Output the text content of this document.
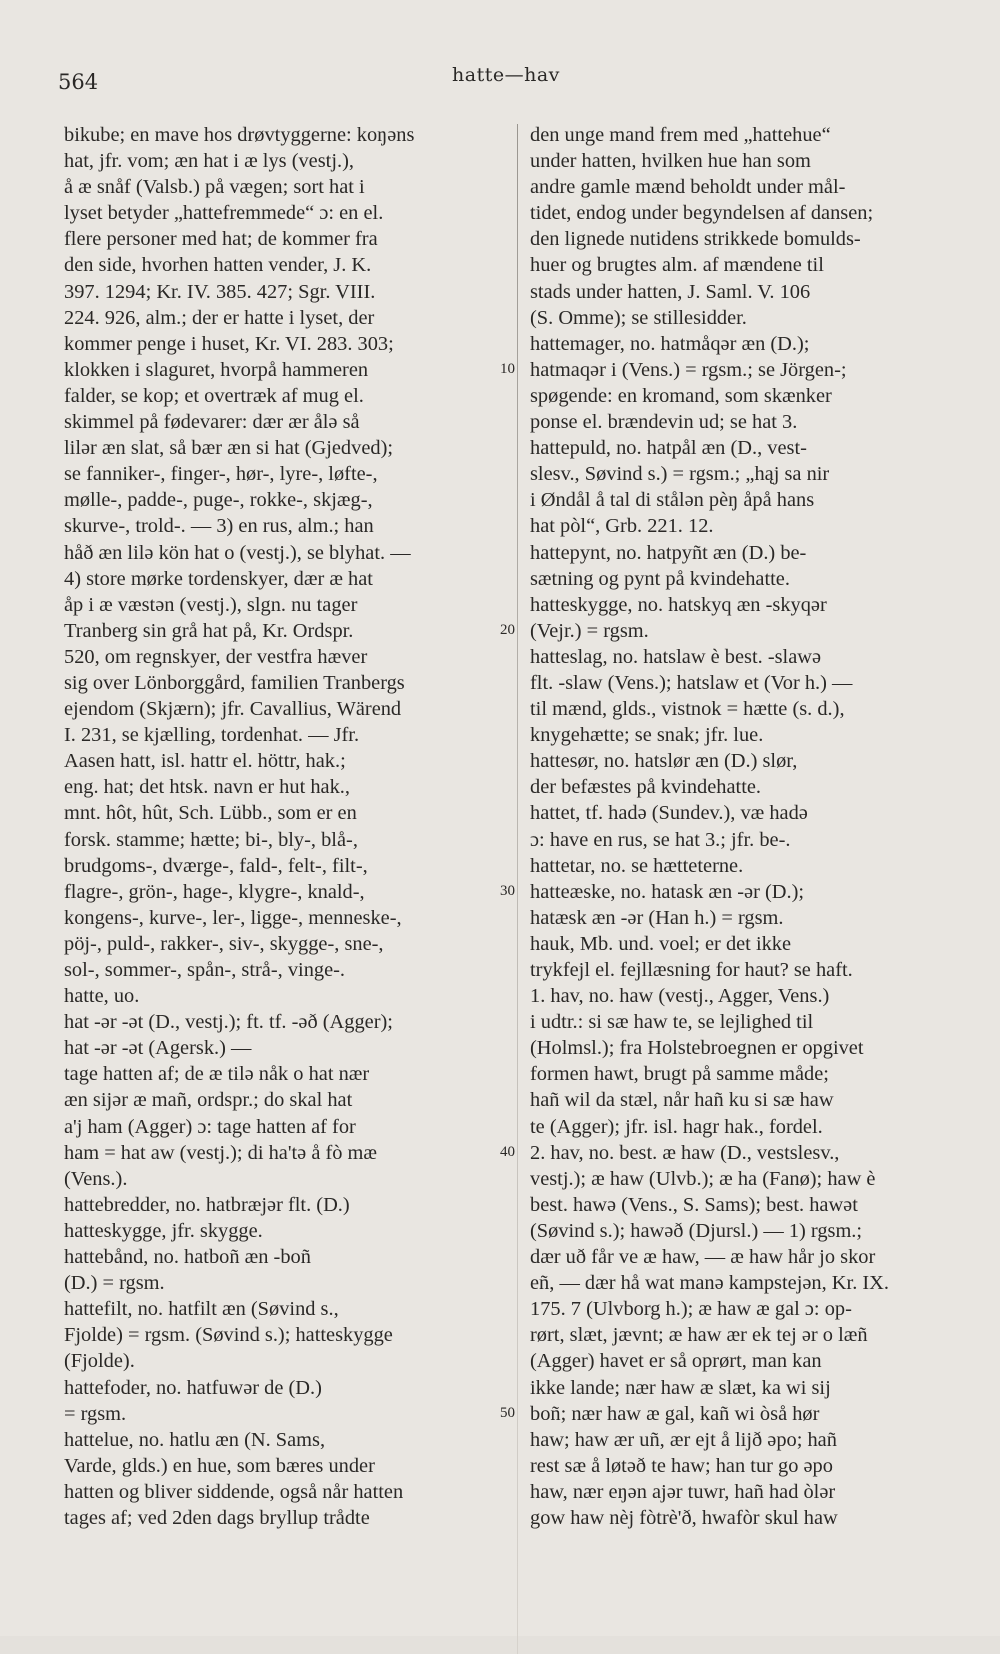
564	hatte—hav
bikube; en mave hos drøvtyggerne: koŋəns
hat, jfr. vom; æn hat i æ lys (vestj.),
å æ snåf (Valsb.) på vægen; sort hat i
lyset betyder „hattefremmede“ ɔ: en el.
flere personer med hat; de kommer fra
den side, hvorhen hatten vender, J. K.
397. 1294; Kr. IV. 385. 427; Sgr. VIII.
224. 926, alm.; der er hatte i lyset, der
kommer penge i huset, Kr. VI. 283. 303;
klokken i slaguret, hvorpå hammeren
falder, se kop; et overtræk af mug el.
skimmel på fødevarer: dær ær ålə så
lilər æn slat, så bær æn si hat (Gjedved);
se fanniker-, finger-, hør-, lyre-, løfte-,
mølle-, padde-, puge-, rokke-, skjæg-,
skurve-, trold-. — 3) en rus, alm.; han
håð æn lilə kön hat o (vestj.), se blyhat. —
4) store mørke tordenskyer, dær æ hat
åp i æ væstən (vestj.), slgn. nu tager
Tranberg sin grå hat på, Kr. Ordspr.
520, om regnskyer, der vestfra hæver
sig over Lönborggård, familien Tranbergs
ejendom (Skjærn); jfr. Cavallius, Wärend
I. 231, se kjælling, tordenhat. — Jfr.
Aasen hatt, isl. hattr el. höttr, hak.;
eng. hat; det htsk. navn er hut hak.,
mnt. hôt, hût, Sch. Lübb., som er en
forsk. stamme; hætte; bi-, bly-, blå-,
brudgoms-, dværge-, fald-, felt-, filt-,
flagre-, grön-, hage-, klygre-, knald-,
kongens-, kurve-, ler-, ligge-, menneske-,
pöj-, puld-, rakker-, siv-, skygge-, sne-,
sol-, sommer-, spån-, strå-, vinge-.
hatte, uo.
hat -ər -ət (D., vestj.); ft. tf. -əð (Agger);
hat -ər -ət (Agersk.) —
tage hatten af; de æ tilə nåk o hat nær
æn sijər æ mañ, ordspr.; do skal hat
a'j ham (Agger) ɔ: tage hatten af for
ham = hat aw (vestj.); di ha'tə å fò mæ
(Vens.).
hattebredder, no. hatbræjər flt. (D.)
hatteskygge, jfr. skygge.
hattebånd, no. hatboñ æn -boñ
(D.) = rgsm.
hattefilt, no. hatfilt æn (Søvind s.,
Fjolde) = rgsm. (Søvind s.); hatteskygge
(Fjolde).
hattefoder, no. hatfuwər de (D.)
= rgsm.
hattelue, no. hatlu æn (N. Sams,
Varde, glds.) en hue, som bæres under
hatten og bliver siddende, også når hatten
tages af; ved 2den dags bryllup trådte
den unge mand frem med „hattehue“
under hatten, hvilken hue han som
andre gamle mænd beholdt under mål-
tidet, endog under begyndelsen af dansen;
den lignede nutidens strikkede bomulds-
huer og brugtes alm. af mændene til
stads under hatten, J. Saml. V. 106
(S. Omme); se stillesidder.
hattemager, no. hatmåqər æn (D.);
hatmaqər i (Vens.) = rgsm.; se Jörgen-;
spøgende: en kromand, som skænker
ponse el. brændevin ud; se hat 3.
hattepuld, no. hatpål æn (D., vest-
slesv., Søvind s.) = rgsm.; „hąj sa nir
i Øndål å tal di stålən pèŋ åpå hans
hat pòl“, Grb. 221. 12.
hattepynt, no. hatpyñt æn (D.) be-
sætning og pynt på kvindehatte.
hatteskygge, no. hatskyq æn -skyqər
(Vejr.) = rgsm.
hatteslag, no. hatslaw è best. -slawə
flt. -slaw (Vens.); hatslaw et (Vor h.) —
til mænd, glds., vistnok = hætte (s. d.),
knygehætte; se snak; jfr. lue.
hattesør, no. hatslør æn (D.) slør,
der befæstes på kvindehatte.
hattet, tf. hadə (Sundev.), væ hadə
ɔ: have en rus, se hat 3.; jfr. be-.
hattetar, no. se hætteterne.
hatteæske, no. hatask æn -ər (D.);
hatæsk æn -ər (Han h.) = rgsm.
hauk, Mb. und. voel; er det ikke
trykfejl el. fejllæsning for haut? se haft.
1. hav, no. haw (vestj., Agger, Vens.)
i udtr.: si sæ haw te, se lejlighed til
(Holmsl.); fra Holstebroegnen er opgivet
formen hawt, brugt på samme måde;
hañ wil da stæl, når hañ ku si sæ haw
te (Agger); jfr. isl. hagr hak., fordel.
2. hav, no. best. æ haw (D., vestslesv.,
vestj.); æ haw (Ulvb.); æ ha (Fanø); haw è
best. hawə (Vens., S. Sams); best. hawət
(Søvind s.); hawəð (Djursl.) — 1) rgsm.;
dær uð får ve æ haw, — æ haw hår jo skor
eñ, — dær hå wat manə kampstejən, Kr. IX.
175. 7 (Ulvborg h.); æ haw æ gal ɔ: op-
rørt, slæt, jævnt; æ haw ær ek tej ər o læñ
(Agger) havet er så oprørt, man kan
ikke lande; nær haw æ slæt, ka wi sij
boñ; nær haw æ gal, kañ wi òså hør
haw; haw ær uñ, ær ejt å lijð əpo; hañ
rest sæ å løtəð te haw; han tur go əpo
haw, nær eŋən ajər tuwr, hañ had òlər
gow haw nèj fòtrè'ð, hwafòr skul haw
10
20
30
40
50
